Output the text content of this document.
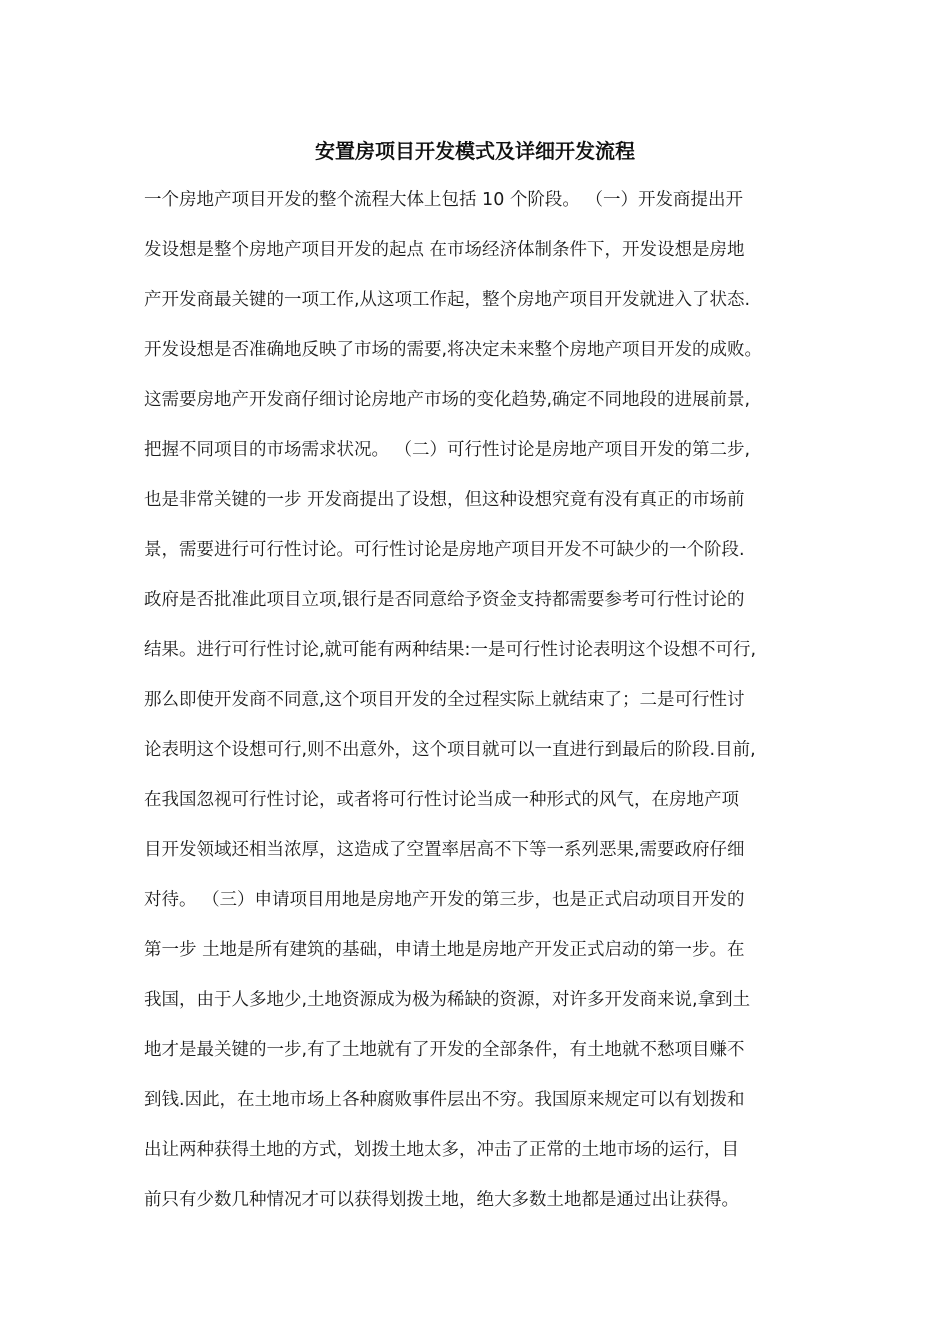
安置房项目开发模式及详细开发流程
一个房地产项目开发的整个流程大体上包括 10 个阶段。 （一）开发商提出开
发设想是整个房地产项目开发的起点 在市场经济体制条件下，开发设想是房地
产开发商最关键的一项工作,从这项工作起，整个房地产项目开发就进入了状态.
开发设想是否准确地反映了市场的需要,将决定未来整个房地产项目开发的成败。
这需要房地产开发商仔细讨论房地产市场的变化趋势,确定不同地段的进展前景,
把握不同项目的市场需求状况。 （二）可行性讨论是房地产项目开发的第二步,
也是非常关键的一步 开发商提出了设想，但这种设想究竟有没有真正的市场前
景，需要进行可行性讨论。可行性讨论是房地产项目开发不可缺少的一个阶段.
政府是否批准此项目立项,银行是否同意给予资金支持都需要参考可行性讨论的
结果。进行可行性讨论,就可能有两种结果:一是可行性讨论表明这个设想不可行,
那么即使开发商不同意,这个项目开发的全过程实际上就结束了；二是可行性讨
论表明这个设想可行,则不出意外，这个项目就可以一直进行到最后的阶段.目前,
在我国忽视可行性讨论，或者将可行性讨论当成一种形式的风气，在房地产项
目开发领域还相当浓厚，这造成了空置率居高不下等一系列恶果,需要政府仔细
对待。 （三）申请项目用地是房地产开发的第三步，也是正式启动项目开发的
第一步 土地是所有建筑的基础，申请土地是房地产开发正式启动的第一步。在
我国，由于人多地少,土地资源成为极为稀缺的资源，对许多开发商来说,拿到土
地才是最关键的一步,有了土地就有了开发的全部条件，有土地就不愁项目赚不
到钱.因此，在土地市场上各种腐败事件层出不穷。我国原来规定可以有划拨和
出让两种获得土地的方式，划拨土地太多，冲击了正常的土地市场的运行，目
前只有少数几种情况才可以获得划拨土地，绝大多数土地都是通过出让获得。
